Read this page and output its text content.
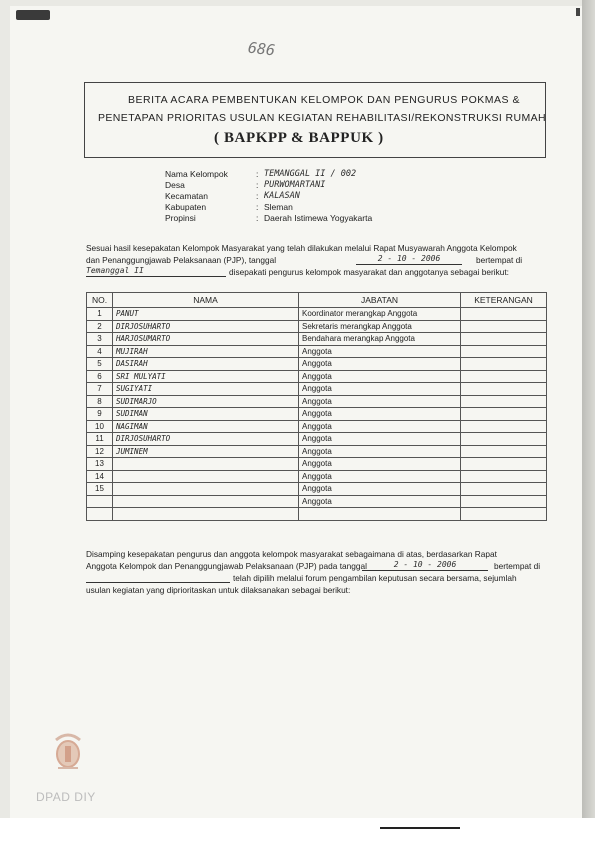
686
BERITA ACARA PEMBENTUKAN KELOMPOK DAN PENGURUS POKMAS &
PENETAPAN PRIORITAS USULAN KEGIATAN REHABILITASI/REKONSTRUKSI RUMAH
( BAPKPP & BAPPUK )
Nama Kelompok	: TEMANGGAL II / 002
Desa	: PURWOMARTANI
Kecamatan	: KALASAN
Kabupaten	: Sleman
Propinsi	: Daerah Istimewa Yogyakarta
Sesuai hasil kesepakatan Kelompok Masyarakat yang telah dilakukan melalui Rapat Musyawarah Anggota Kelompok
dan Penanggungjawab Pelaksanaan (PJP), tanggal	2 - 10 - 2006	bertempat di
Temanggal II	disepakati pengurus kelompok masyarakat dan anggotanya sebagai berikut:
NO.	NAMA	JABATAN	KETERANGAN
1	PANUT	Koordinator merangkap Anggota	
2	DIRJOSUHARTO	Sekretaris merangkap Anggota	
3	HARJOSUMARTO	Bendahara merangkap Anggota	
4	MUJIRAH	Anggota	
5	DASIRAH	Anggota	
6	SRI MULYATI	Anggota	
7	SUGIYATI	Anggota	
8	SUDIMARJO	Anggota	
9	SUDIMAN	Anggota	
10	NAGIMAN	Anggota	
11	DIRJOSUHARTO	Anggota	
12	JUMINEM	Anggota	
13		Anggota	
14		Anggota	
15		Anggota	
		Anggota	

Disamping kesepakatan pengurus dan anggota kelompok masyarakat sebagaimana di atas, berdasarkan Rapat
Anggota Kelompok dan Penanggungjawab Pelaksanaan (PJP) pada tanggal	2 - 10 - 2006	bertempat di
telah dipilih melalui forum pengambilan keputusan secara bersama, sejumlah
usulan kegiatan yang diprioritaskan untuk dilaksanakan sebagai berikut:
DPAD DIY
